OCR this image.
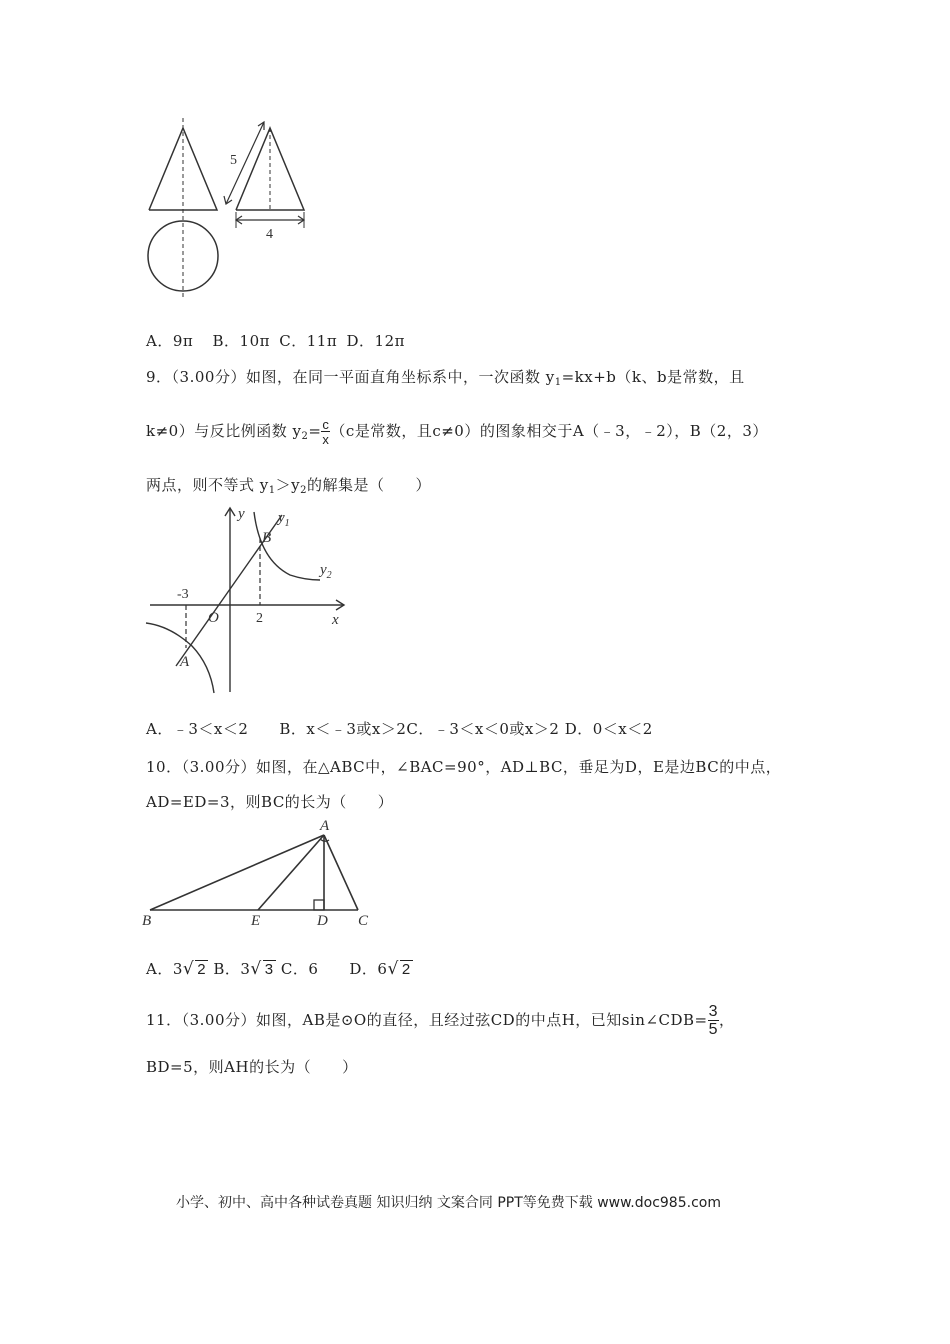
5
4
A．9π B．10π C．11π D．12π
9．（3.00分）如图，在同一平面直角坐标系中，一次函数 $y_1=kx+b(k$、b是常数，且
k≠0）与反比例函数 $y_2= \frac{c}{x} (c$是常数，且c≠0）的图象相交于A（﹣3，﹣2），B（2，3）
两点，则不等式 $y_1>y_2$的解集是（　　）
y
x
O
A
B
$y_1$
$y_2$
-3
2
A．﹣3＜x＜2　　B．x＜﹣3或x＞2C．﹣3＜x＜0或x＞2 D．0＜x＜2
10．（3.00分）如图，在△ABC中，∠BAC=90°，AD⊥BC，垂足为D，E是边BC的中点，
AD=ED=3，则BC的长为（　　）
A
B	C
D
E
A．3√ 2 B．3√ 3 C．6　　D．6√ 2
11．（3.00分）如图，AB是⊙O的直径，且经过弦CD的中点H，已知sin∠CDB= $\frac{3}{5}$ ，
BD=5，则AH的长为（　　）
小学、初中、高中各种试卷真题 知识归纳 文案合同 PPT等免费下载 www.doc985.com
